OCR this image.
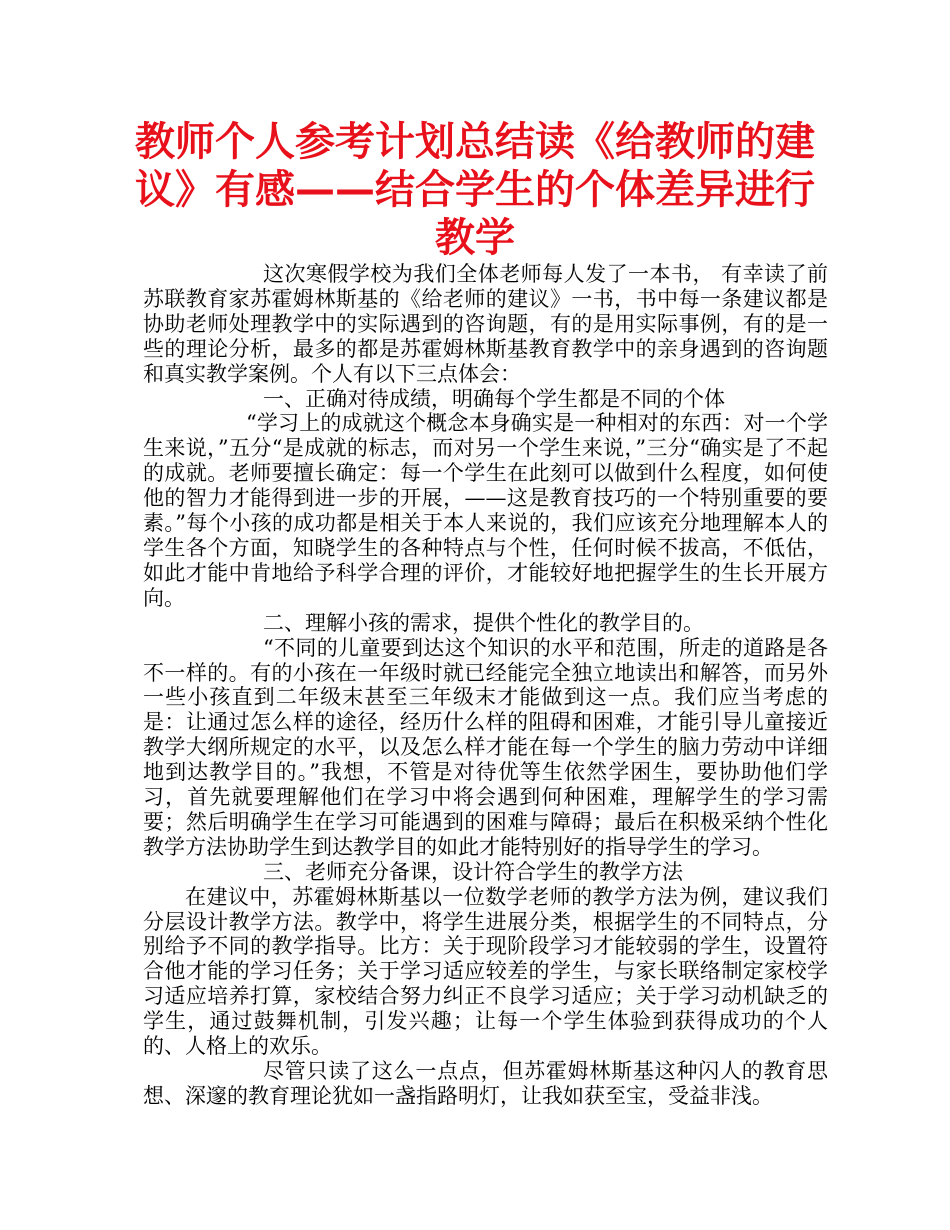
教师个人参考计划总结读《给教师的建议》有感——结合学生的个体差异进行教学

这次寒假学校为我们全体老师每人发了一本书， 有幸读了前苏联教育家苏霍姆林斯基的《给老师的建议》一书，书中每一条建议都是协助老师处理教学中的实际遇到的咨询题，有的是用实际事例，有的是一些的理论分析，最多的都是苏霍姆林斯基教育教学中的亲身遇到的咨询题和真实教学案例。个人有以下三点体会：

一、正确对待成绩，明确每个学生都是不同的个体

“学习上的成就这个概念本身确实是一种相对的东西：对一个学生来说，”五分“是成就的标志，而对另一个学生来说，”三分“确实是了不起的成就。老师要擅长确定：每一个学生在此刻可以做到什么程度，如何使他的智力才能得到进一步的开展，——这是教育技巧的一个特别重要的要素。”每个小孩的成功都是相关于本人来说的，我们应该充分地理解本人的学生各个方面，知晓学生的各种特点与个性，任何时候不拔高，不低估，如此才能中肯地给予科学合理的评价，才能较好地把握学生的生长开展方向。

二、理解小孩的需求，提供个性化的教学目的。

“不同的儿童要到达这个知识的水平和范围，所走的道路是各不一样的。有的小孩在一年级时就已经能完全独立地读出和解答，而另外一些小孩直到二年级末甚至三年级末才能做到这一点。我们应当考虑的是：让通过怎么样的途径，经历什么样的阻碍和困难，才能引导儿童接近教学大纲所规定的水平，以及怎么样才能在每一个学生的脑力劳动中详细地到达教学目的。”我想，不管是对待优等生依然学困生，要协助他们学习，首先就要理解他们在学习中将会遇到何种困难，理解学生的学习需要；然后明确学生在学习可能遇到的困难与障碍；最后在积极采纳个性化教学方法协助学生到达教学目的如此才能特别好的指导学生的学习。

三、老师充分备课，设计符合学生的教学方法

在建议中，苏霍姆林斯基以一位数学老师的教学方法为例，建议我们分层设计教学方法。教学中，将学生进展分类，根据学生的不同特点，分别给予不同的教学指导。比方：关于现阶段学习才能较弱的学生，设置符合他才能的学习任务；关于学习适应较差的学生，与家长联络制定家校学习适应培养打算，家校结合努力纠正不良学习适应；关于学习动机缺乏的学生，通过鼓舞机制，引发兴趣；让每一个学生体验到获得成功的个人的、人格上的欢乐。

尽管只读了这么一点点，但苏霍姆林斯基这种闪人的教育思想、深邃的教育理论犹如一盏指路明灯，让我如获至宝，受益非浅。
